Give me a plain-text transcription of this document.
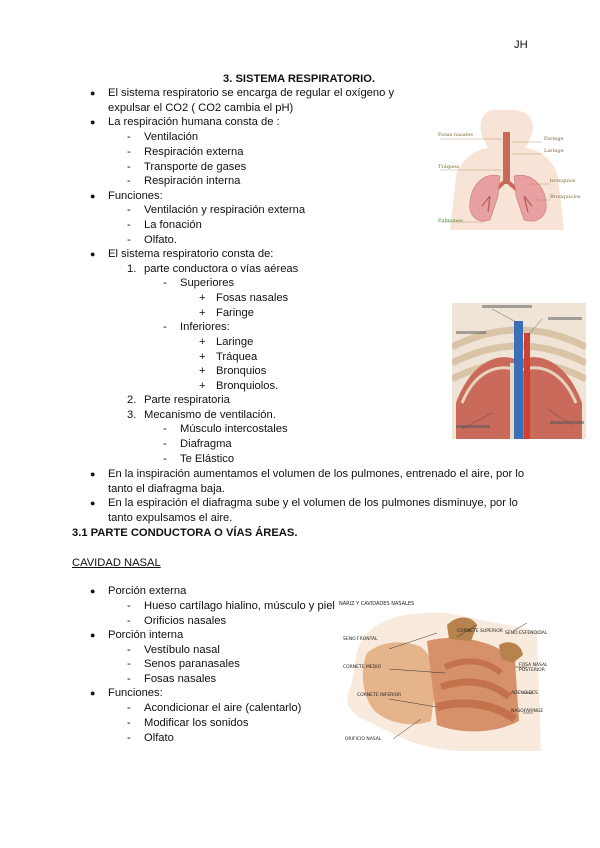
JH
3. SISTEMA RESPIRATORIO.
● El sistema respiratorio se encarga de regular el oxígeno y
expulsar el CO2 ( CO2 cambia el pH)
● La respiración humana consta de :
- Ventilación
- Respiración externa
- Transporte de gases
- Respiración interna
● Funciones:
- Ventilación y respiración externa
- La fonación
- Olfato.
● El sistema respiratorio consta de:
1. parte conductora o vías aéreas
- Superiores
+ Fosas nasales
+ Faringe
- Inferiores:
+ Laringe
+ Tráquea
+ Bronquios
+ Bronquiolos.
2. Parte respiratoria
3. Mecanismo de ventilación.
- Músculo intercostales
- Diafragma
- Te Elástico
● En la inspiración aumentamos el volumen de los pulmones, entrenado el aire, por lo
tanto el diafragma baja.
● En la espiración el diafragma sube y el volumen de los pulmones disminuye, por lo
tanto expulsamos el aire.
3.1 PARTE CONDUCTORA O VÍAS ÁREAS.
CAVIDAD NASAL
● Porción externa
- Hueso cartílago hialino, músculo y piel
- Orificios nasales
● Porción interna
- Vestíbulo nasal
- Senos paranasales
- Fosas nasales
● Funciones:
- Acondicionar el aire (calentarlo)
- Modificar los sonidos
- Olfato
Fosas nasales
Faringe
Laringe
Tráquea
bronquios
Bronquiolos
Pulmones
NARIZ Y CAVIDADES NASALES
SENO FRONTAL
CORNETE SUPERIOR SENO ESFENOIDAL
CORNETE MEDIO	FOSA NASAL POSTERIOR
CORNETE INFERIOR	ADENOIDES
NASOFARINGE
ORIFICIO NASAL
